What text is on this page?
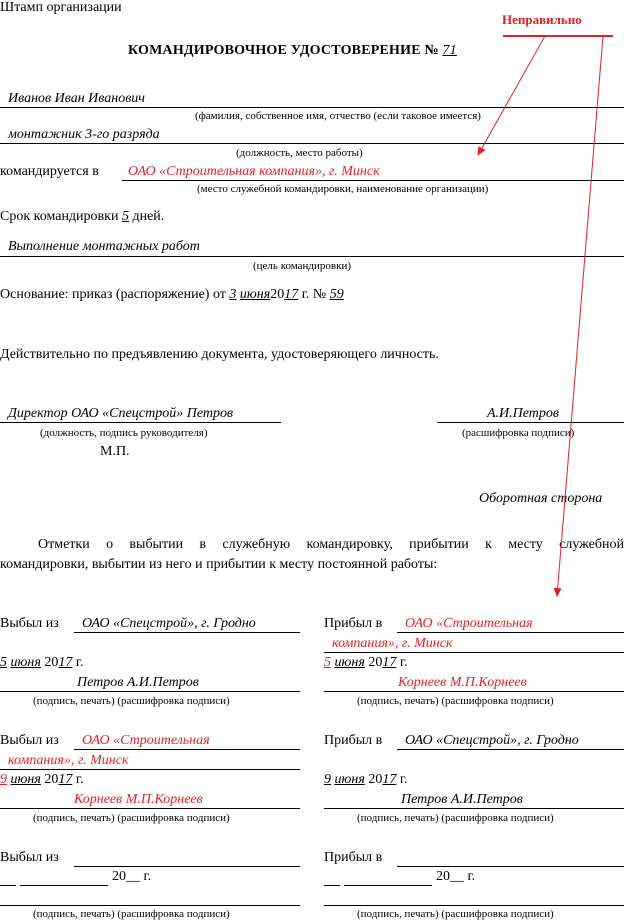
Штамп организации
Неправильно
КОМАНДИРОВОЧНОЕ УДОСТОВЕРЕНИЕ № 71
Иванов Иван Иванович
(фамилия, собственное имя, отчество (если таковое имеется)
монтажник 3-го разряда
(должность, место работы)
командируется в ОАО «Строительная компания», г. Минск
(место служебной командировки, наименование организации)
Срок командировки 5 дней.
Выполнение монтажных работ
(цель командировки)
Основание: приказ (распоряжение) от 3 июня2017 г. № 59
Действительно по предъявлению документа, удостоверяющего личность.
Директор ОАО «Спецстрой» Петров
(должность, подпись руководителя)
А.И.Петров
(расшифровка подписи)
М.П.
Оборотная сторона
Отметки о выбытии в служебную командировку, прибытии к месту служебной
командировки, выбытии из него и прибытии к месту постоянной работы:
Выбыл из ОАО «Спецстрой», г. Гродно
5 июня 2017 г.
Петров А.И.Петров
(подпись, печать) (расшифровка подписи)
Прибыл в ОАО «Строительная
компания», г. Минск
5 июня 2017 г.
Корнеев М.П.Корнеев
(подпись, печать) (расшифровка подписи)
Выбыл из ОАО «Строительная
компания», г. Минск
9 июня 2017 г.
Корнеев М.П.Корнеев
(подпись, печать) (расшифровка подписи)
Прибыл в ОАО «Спецстрой», г. Гродно
9 июня 2017 г.
Петров А.И.Петров
(подпись, печать) (расшифровка подписи)
Выбыл из
20__ г.
(подпись, печать) (расшифровка подписи)
Прибыл в
20__ г.
(подпись, печать) (расшифровка подписи)
